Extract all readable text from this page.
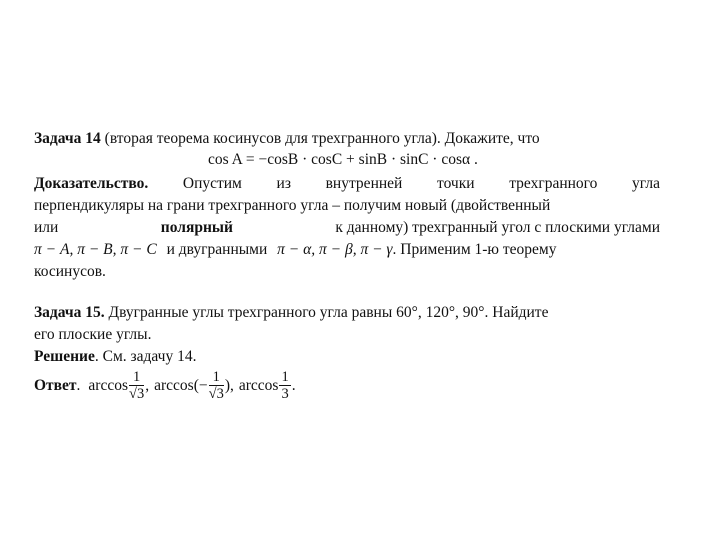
Задача 14 (вторая теорема косинусов для трехгранного угла). Докажите, что
cos A = −cosB · cosC + sinB · sinC · cosα .
Доказательство. Опустим из внутренней точки трехгранного угла
перпендикуляры на грани трехгранного угла – получим новый (двойственный
или	полярный	к данному) трехгранный угол с плоскими углами
π − A, π − B, π − C и двугранными π − α, π − β, π − γ. Применим 1-ю теорему
косинусов.
Задача 15. Двугранные углы трехгранного угла равны 60°, 120°, 90°. Найдите
его плоские углы.
Решение. См. задачу 14.
Ответ . $\arccos \frac{1}{√3}$ , arccos (− $\frac{1}{√3}$ ) , $\arccos \frac{1}{3}$ .
